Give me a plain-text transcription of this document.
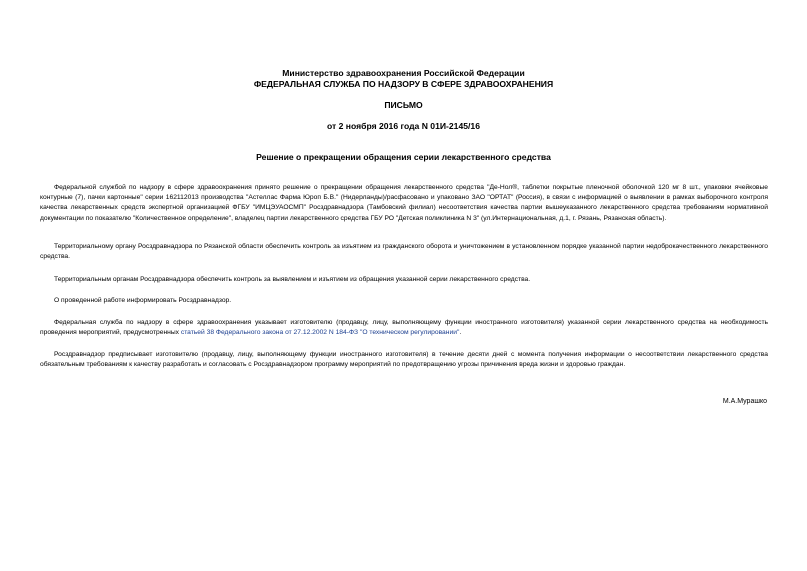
Министерство здравоохранения Российской Федерации
ФЕДЕРАЛЬНАЯ СЛУЖБА ПО НАДЗОРУ В СФЕРЕ ЗДРАВООХРАНЕНИЯ
ПИСЬМО
от 2 ноября 2016 года N 01И-2145/16
Решение о прекращении обращения серии лекарственного средства
Федеральной службой по надзору в сфере здравоохранения принято решение о прекращении обращения лекарственного средства "Де-Нол®, таблетки покрытые пленочной оболочкой 120 мг 8 шт., упаковки ячейковые контурные (7), пачки картонные" серии 162112013 производства "Астеллас Фарма Юроп Б.В." (Нидерланды)/расфасовано и упаковано ЗАО "ОРТАТ" (Россия), в связи с информацией о выявлении в рамках выборочного контроля качества лекарственных средств экспертной организацией ФГБУ "ИМЦЭУАОСМП" Росздравнадзора (Тамбовский филиал) несоответствия качества партии вышеуказанного лекарственного средства требованиям нормативной документации по показателю "Количественное определение", владелец партии лекарственного средства ГБУ РО "Детская поликлиника N 3" (ул.Интернациональная, д.1, г. Рязань, Рязанская область).
Территориальному органу Росздравнадзора по Рязанской области обеспечить контроль за изъятием из гражданского оборота и уничтожением в установленном порядке указанной партии недоброкачественного лекарственного средства.
Территориальным органам Росздравнадзора обеспечить контроль за выявлением и изъятием из обращения указанной серии лекарственного средства.
О проведенной работе информировать Росздравнадзор.
Федеральная служба по надзору в сфере здравоохранения указывает изготовителю (продавцу, лицу, выполняющему функции иностранного изготовителя) указанной серии лекарственного средства на необходимость проведения мероприятий, предусмотренных статьей 38 Федерального закона от 27.12.2002 N 184-ФЗ "О техническом регулировании".
Росздравнадзор предписывает изготовителю (продавцу, лицу, выполняющему функции иностранного изготовителя) в течение десяти дней с момента получения информации о несоответствии лекарственного средства обязательным требованиям к качеству разработать и согласовать с Росздравнадзором программу мероприятий по предотвращению угрозы причинения вреда жизни и здоровью граждан.
М.А.Мурашко
